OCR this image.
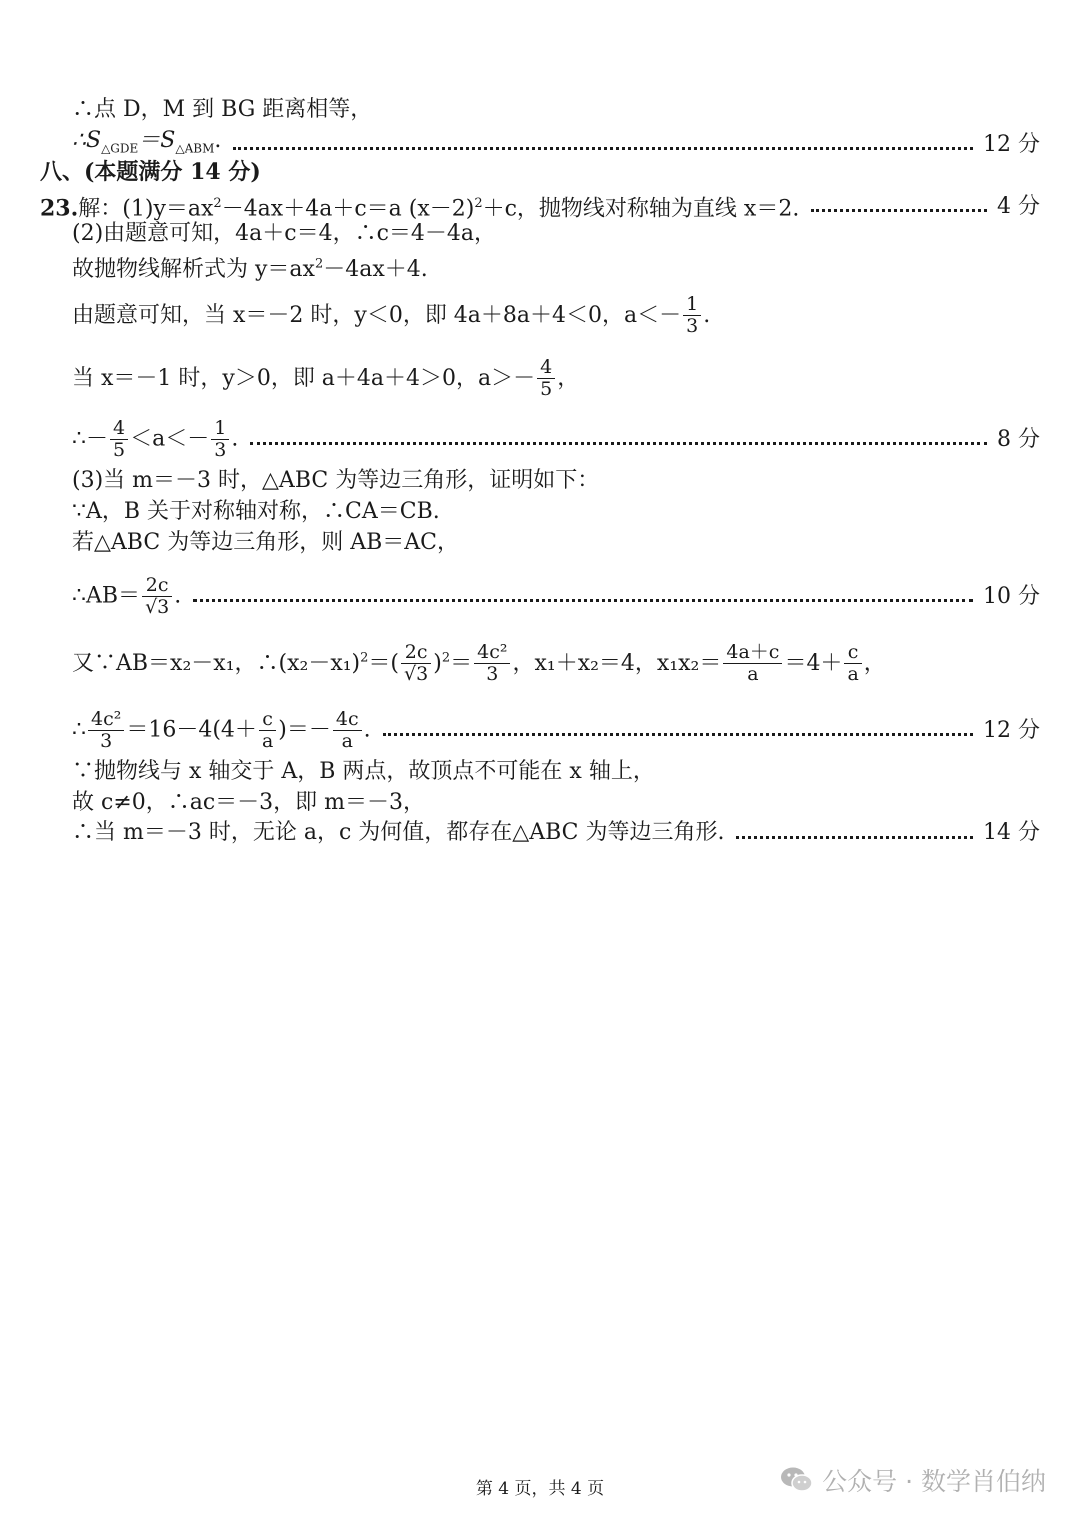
∴点 D，M 到 BG 距离相等，
$\therefore S_{\triangle GDE}=S_{\triangle ABM}$.	12 分
八、(本题满分 14 分)
23.解：$(1)y=ax^2-4ax+4a+c=a$ $(x-2)^2+c$，抛物线对称轴为直线 x＝2.	4 分
(2)由题意可知，4a＋c＝4，∴c＝4－4a，
故抛物线解析式为 $y=ax^2-4ax+4$.
由题意可知，当 x＝－2 时，y＜0，即 4a＋8a＋4＜0，$a<- \frac{1}{3}$ .
当 x＝－1 时，y＞0，即 a＋4a＋4＞0，$a>- \frac{4}{5}$ ，
∴－ $\frac{4}{5} <a<- \frac{1}{3}$ .	8 分
(3)当 m＝－3 时，△ABC 为等边三角形，证明如下：
∵A，B 关于对称轴对称，∴CA＝CB.
若△ABC 为等边三角形，则 AB＝AC，
∴AB＝ $\frac{2c}{√3}$ .	10 分
又∵AB＝x₂－x₁，$\therefore(x_2-x_1)^2=( \frac{2c}{√3} )^2= \frac{\text{4c²}}{3}$ ，x₁＋x₂＝4，$x_1x_2= \frac{4a+c}{a} =4+ \frac{c}{a}$ ，
∴ $\frac{\text{4c²}}{3} =16-4(4+ \frac{c}{a}$ )＝－ $\frac{4c}{a}$ .	12 分
∵抛物线与 x 轴交于 A，B 两点，故顶点不可能在 x 轴上，
故 c≠0，∴ac＝－3，即 m＝－3，
∴当 m＝－3 时，无论 a，c 为何值，都存在△ABC 为等边三角形.	14 分
第 4 页，共 4 页	公众号 · 数学肖伯纳
